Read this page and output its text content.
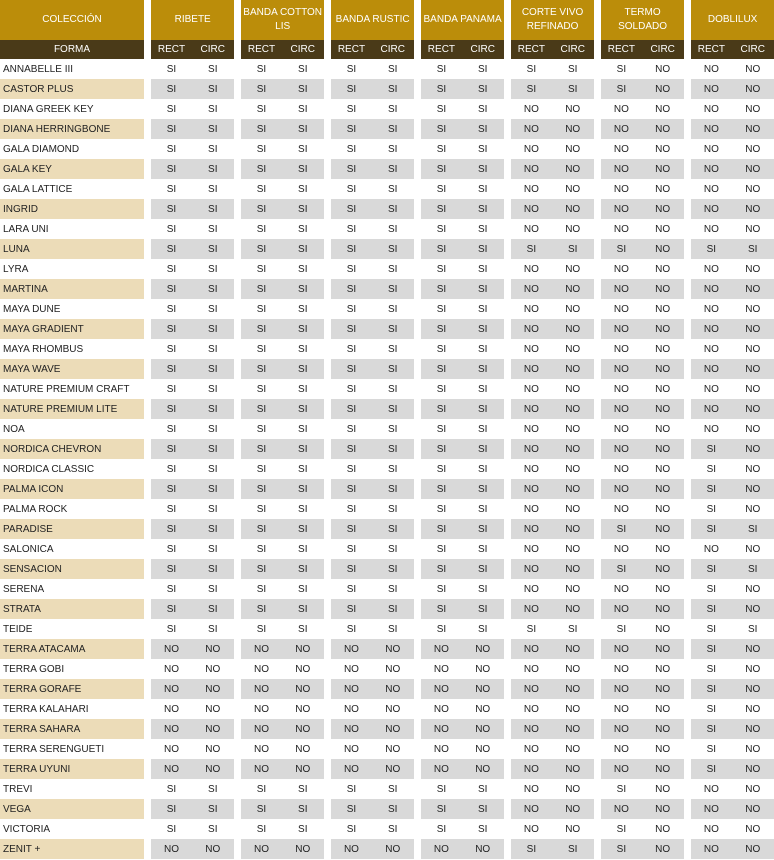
COLECCIÓN		RIBETE			BANDA COTTON LIS			BANDA RUSTIC			BANDA PANAMA			CORTE VIVO REFINADO			TERMO SOLDADO			DOBLILUX	
FORMA		RECT	CIRC		RECT	CIRC		RECT	CIRC		RECT	CIRC		RECT	CIRC		RECT	CIRC		RECT	CIRC
ANNABELLE III		SI	SI		SI	SI		SI	SI		SI	SI		SI	SI		SI	NO		NO	NO
CASTOR PLUS		SI	SI		SI	SI		SI	SI		SI	SI		SI	SI		SI	NO		NO	NO
DIANA GREEK KEY		SI	SI		SI	SI		SI	SI		SI	SI		NO	NO		NO	NO		NO	NO
DIANA HERRINGBONE		SI	SI		SI	SI		SI	SI		SI	SI		NO	NO		NO	NO		NO	NO
GALA DIAMOND		SI	SI		SI	SI		SI	SI		SI	SI		NO	NO		NO	NO		NO	NO
GALA KEY		SI	SI		SI	SI		SI	SI		SI	SI		NO	NO		NO	NO		NO	NO
GALA LATTICE		SI	SI		SI	SI		SI	SI		SI	SI		NO	NO		NO	NO		NO	NO
INGRID		SI	SI		SI	SI		SI	SI		SI	SI		NO	NO		NO	NO		NO	NO
LARA UNI		SI	SI		SI	SI		SI	SI		SI	SI		NO	NO		NO	NO		NO	NO
LUNA		SI	SI		SI	SI		SI	SI		SI	SI		SI	SI		SI	NO		SI	SI
LYRA		SI	SI		SI	SI		SI	SI		SI	SI		NO	NO		NO	NO		NO	NO
MARTINA		SI	SI		SI	SI		SI	SI		SI	SI		NO	NO		NO	NO		NO	NO
MAYA DUNE		SI	SI		SI	SI		SI	SI		SI	SI		NO	NO		NO	NO		NO	NO
MAYA GRADIENT		SI	SI		SI	SI		SI	SI		SI	SI		NO	NO		NO	NO		NO	NO
MAYA RHOMBUS		SI	SI		SI	SI		SI	SI		SI	SI		NO	NO		NO	NO		NO	NO
MAYA WAVE		SI	SI		SI	SI		SI	SI		SI	SI		NO	NO		NO	NO		NO	NO
NATURE PREMIUM CRAFT		SI	SI		SI	SI		SI	SI		SI	SI		NO	NO		NO	NO		NO	NO
NATURE PREMIUM LITE		SI	SI		SI	SI		SI	SI		SI	SI		NO	NO		NO	NO		NO	NO
NOA		SI	SI		SI	SI		SI	SI		SI	SI		NO	NO		NO	NO		NO	NO
NORDICA CHEVRON		SI	SI		SI	SI		SI	SI		SI	SI		NO	NO		NO	NO		SI	NO
NORDICA CLASSIC		SI	SI		SI	SI		SI	SI		SI	SI		NO	NO		NO	NO		SI	NO
PALMA ICON		SI	SI		SI	SI		SI	SI		SI	SI		NO	NO		NO	NO		SI	NO
PALMA ROCK		SI	SI		SI	SI		SI	SI		SI	SI		NO	NO		NO	NO		SI	NO
PARADISE		SI	SI		SI	SI		SI	SI		SI	SI		NO	NO		SI	NO		SI	SI
SALONICA		SI	SI		SI	SI		SI	SI		SI	SI		NO	NO		NO	NO		NO	NO
SENSACION		SI	SI		SI	SI		SI	SI		SI	SI		NO	NO		SI	NO		SI	SI
SERENA		SI	SI		SI	SI		SI	SI		SI	SI		NO	NO		NO	NO		SI	NO
STRATA		SI	SI		SI	SI		SI	SI		SI	SI		NO	NO		NO	NO		SI	NO
TEIDE		SI	SI		SI	SI		SI	SI		SI	SI		SI	SI		SI	NO		SI	SI
TERRA ATACAMA		NO	NO		NO	NO		NO	NO		NO	NO		NO	NO		NO	NO		SI	NO
TERRA GOBI		NO	NO		NO	NO		NO	NO		NO	NO		NO	NO		NO	NO		SI	NO
TERRA GORAFE		NO	NO		NO	NO		NO	NO		NO	NO		NO	NO		NO	NO		SI	NO
TERRA KALAHARI		NO	NO		NO	NO		NO	NO		NO	NO		NO	NO		NO	NO		SI	NO
TERRA SAHARA		NO	NO		NO	NO		NO	NO		NO	NO		NO	NO		NO	NO		SI	NO
TERRA SERENGUETI		NO	NO		NO	NO		NO	NO		NO	NO		NO	NO		NO	NO		SI	NO
TERRA UYUNI		NO	NO		NO	NO		NO	NO		NO	NO		NO	NO		NO	NO		SI	NO
TREVI		SI	SI		SI	SI		SI	SI		SI	SI		NO	NO		SI	NO		NO	NO
VEGA		SI	SI		SI	SI		SI	SI		SI	SI		NO	NO		NO	NO		NO	NO
VICTORIA		SI	SI		SI	SI		SI	SI		SI	SI		NO	NO		SI	NO		NO	NO
ZENIT +		NO	NO		NO	NO		NO	NO		NO	NO		SI	SI		SI	NO		NO	NO
